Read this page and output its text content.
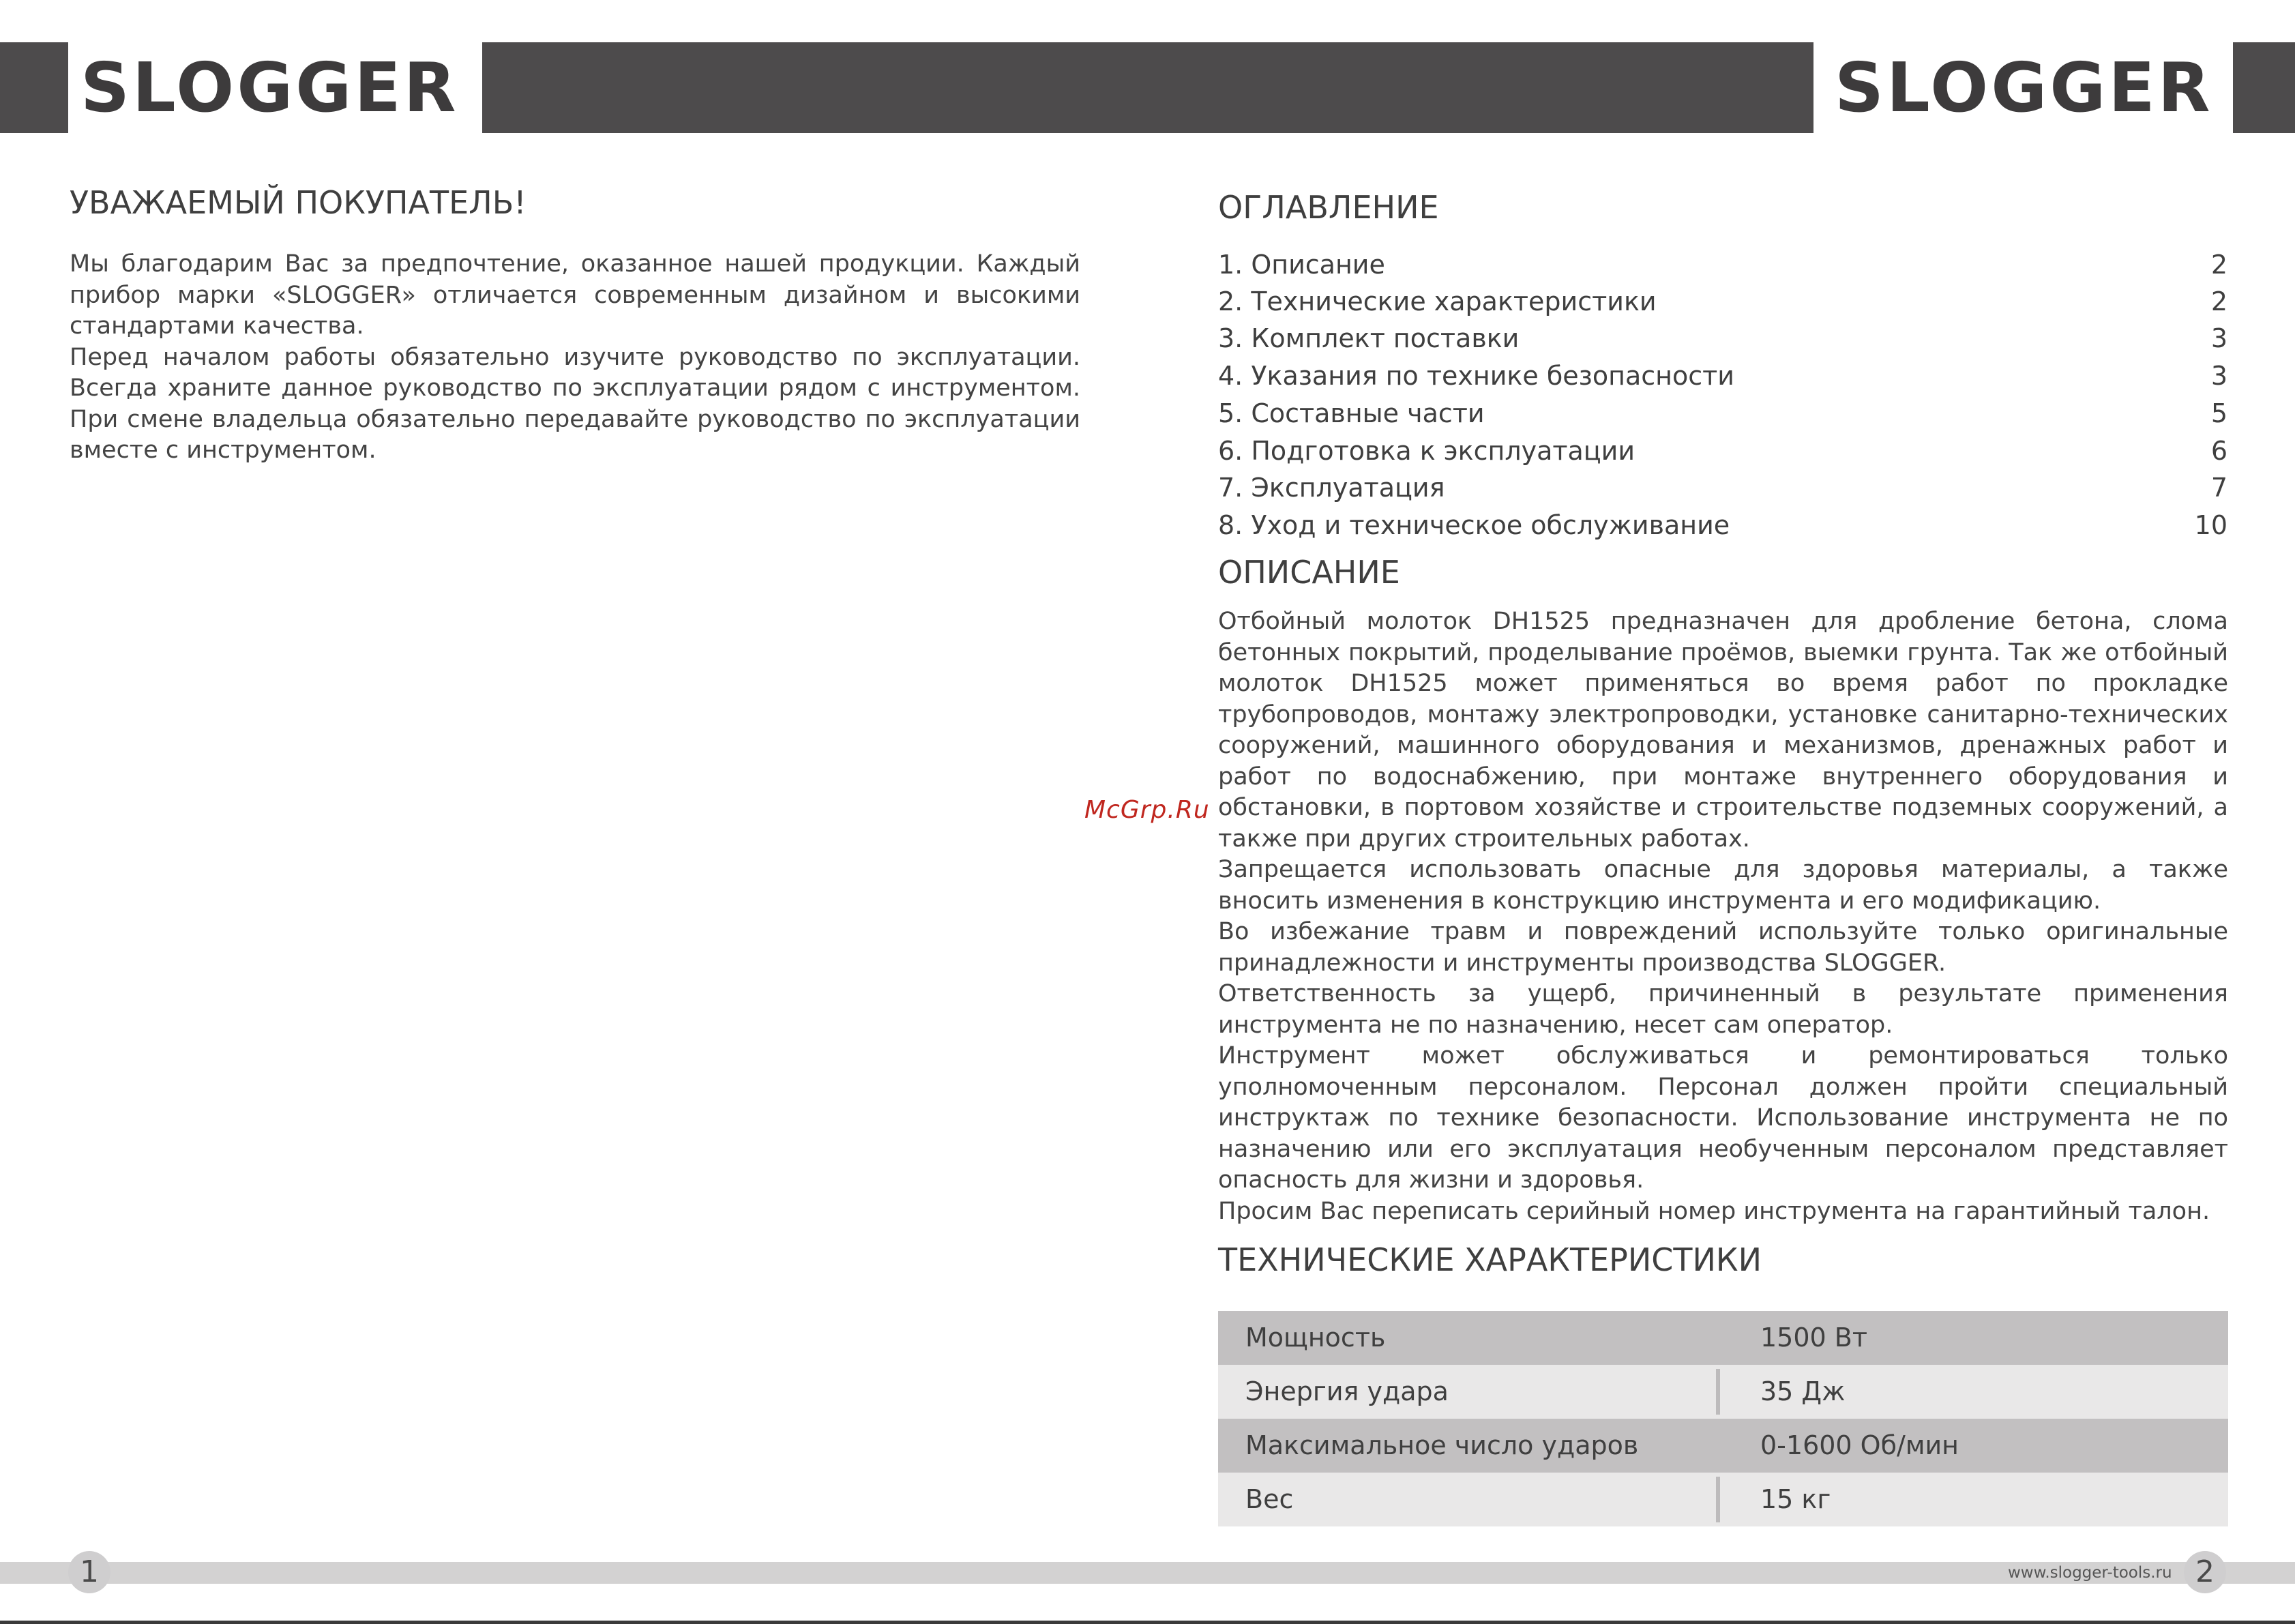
SLOGGER	SLOGGER
УВАЖАЕМЫЙ ПОКУПАТЕЛЬ!

Мы благодарим Вас за предпочтение, оказанное нашей продукции. Каждый прибор марки «SLOGGER» отличается современным дизайном и высокими стандартами качества.

Перед началом работы обязательно изучите руководство по эксплуатации. Всегда храните данное руководство по эксплуатации рядом с инструментом. При смене владельца обязательно передавайте руководство по эксплуатации вместе с инструментом.

ОГЛАВЛЕНИЕ
1. Описание	2
2. Технические характеристики	2
3. Комплект поставки	3
4. Указания по технике безопасности	3
5. Составные части	5
6. Подготовка к эксплуатации	6
7. Эксплуатация	7
8. Уход и техническое обслуживание	10
ОПИСАНИЕ

Отбойный молоток DH1525 предназначен для дробление бетона, слома бетонных покрытий, проделывание проёмов, выемки грунта. Так же отбойный молоток DH1525 может применяться во время работ по прокладке трубопроводов, монтажу электропроводки, установке санитарно-технических сооружений, машинного оборудования и механизмов, дренажных работ и работ по водоснабжению, при монтаже внутреннего оборудования и обстановки, в портовом хозяйстве и строительстве подземных сооружений, а также при других строительных работах.

Запрещается использовать опасные для здоровья материалы, а также вносить изменения в конструкцию инструмента и его модификацию.

Во избежание травм и повреждений используйте только оригинальные принадлежности и инструменты производства SLOGGER.

Ответственность за ущерб, причиненный в результате применения инструмента не по назначению, несет сам оператор.

Инструмент может обслуживаться и ремонтироваться только уполномоченным персоналом. Персонал должен пройти специальный инструктаж по технике безопасности. Использование инструмента не по назначению или его эксплуатация необученным персоналом представляет опасность для жизни и здоровья.

Просим Вас переписать серийный номер инструмента на гарантийный талон.

ТЕХНИЧЕСКИЕ ХАРАКТЕРИСТИКИ
Мощность	1500 Вт
Энергия удара	35 Дж
Максимальное число ударов	0-1600 Об/мин
Вес	15 кг
McGrp.Ru
1	www.slogger-tools.ru 2
